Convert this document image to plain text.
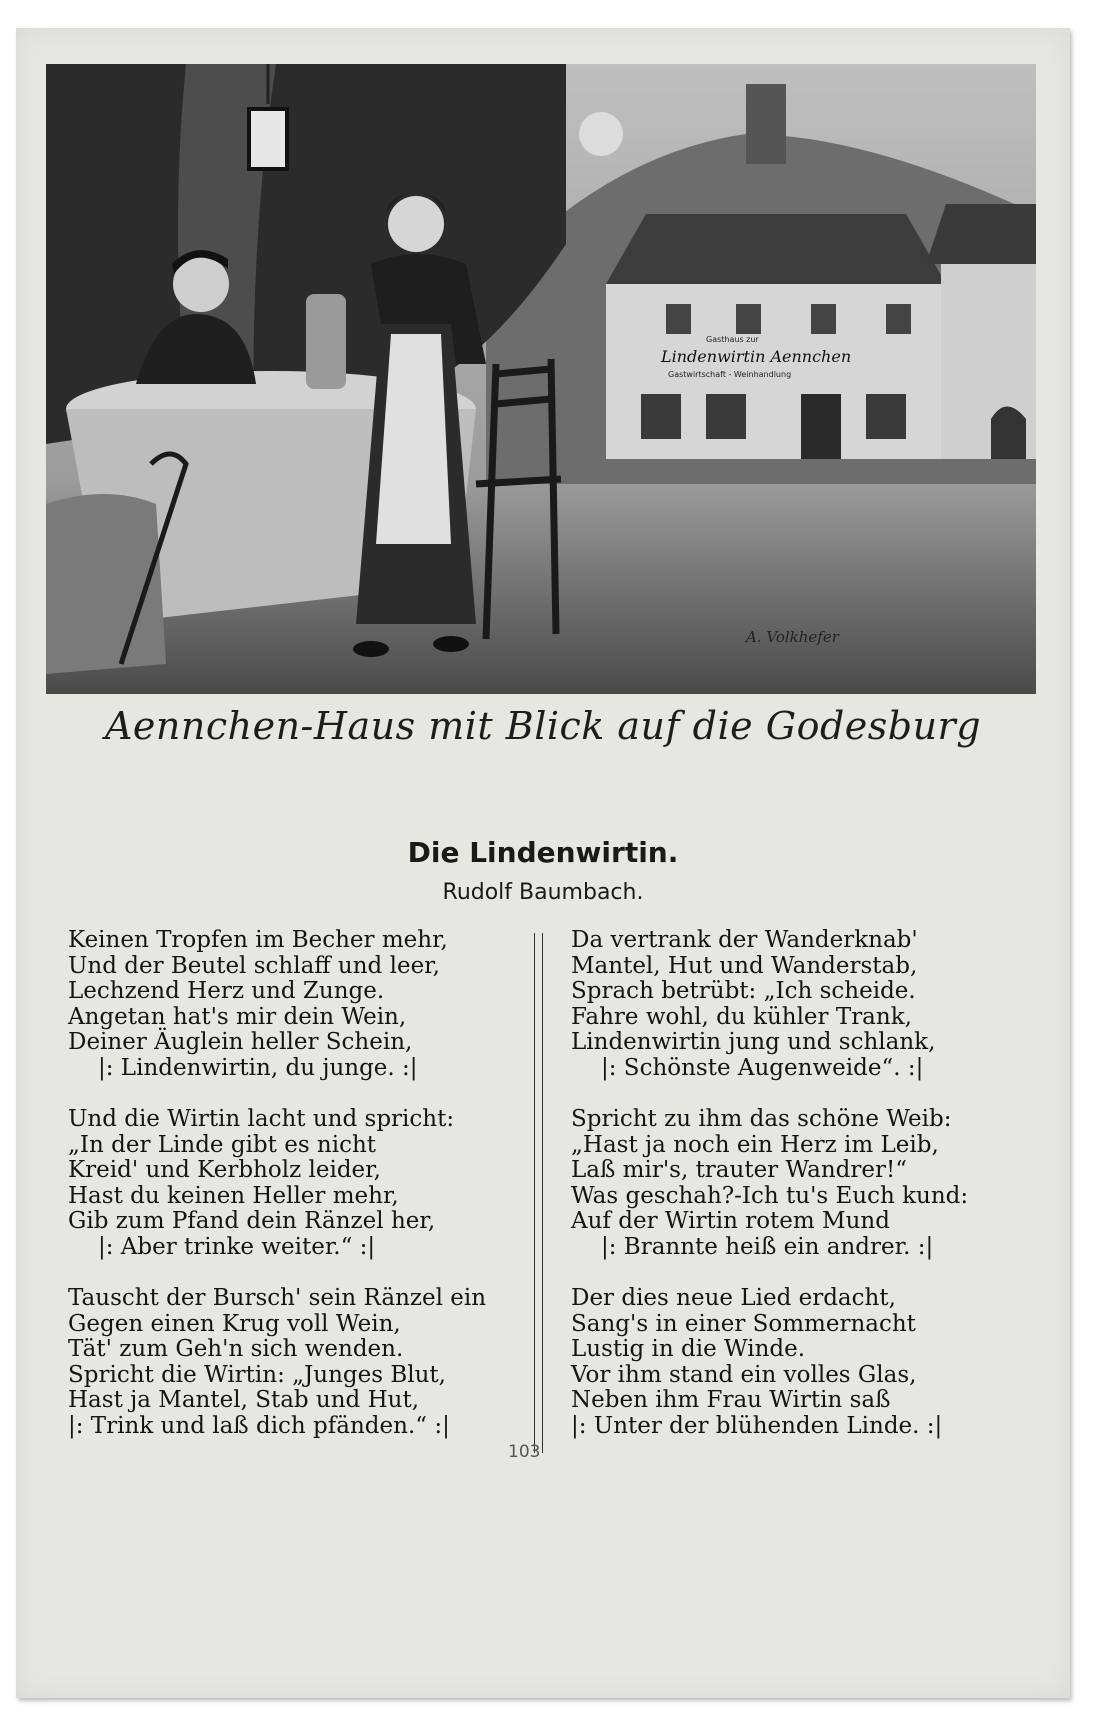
Gasthaus zur
Lindenwirtin Aennchen
Gastwirtschaft - Weinhandlung
A. Volkhefer
Aennchen-Haus mit Blick auf die Godesburg
Die Lindenwirtin.
Rudolf Baumbach.
Keinen Tropfen im Becher mehr,
Und der Beutel schlaff und leer,
Lechzend Herz und Zunge.
Angetan hat's mir dein Wein,
Deiner Äuglein heller Schein,
|: Lindenwirtin, du junge. :|
Und die Wirtin lacht und spricht:
„In der Linde gibt es nicht
Kreid' und Kerbholz leider,
Hast du keinen Heller mehr,
Gib zum Pfand dein Ränzel her,
|: Aber trinke weiter.“ :|
Tauscht der Bursch' sein Ränzel ein
Gegen einen Krug voll Wein,
Tät' zum Geh'n sich wenden.
Spricht die Wirtin: „Junges Blut,
Hast ja Mantel, Stab und Hut,
|: Trink und laß dich pfänden.“ :|
Da vertrank der Wanderknab'
Mantel, Hut und Wanderstab,
Sprach betrübt: „Ich scheide.
Fahre wohl, du kühler Trank,
Lindenwirtin jung und schlank,
|: Schönste Augenweide“. :|
Spricht zu ihm das schöne Weib:
„Hast ja noch ein Herz im Leib,
Laß mir's, trauter Wandrer!“
Was geschah?-Ich tu's Euch kund:
Auf der Wirtin rotem Mund
|: Brannte heiß ein andrer. :|
Der dies neue Lied erdacht,
Sang's in einer Sommernacht
Lustig in die Winde.
Vor ihm stand ein volles Glas,
Neben ihm Frau Wirtin saß
|: Unter der blühenden Linde. :|
103
